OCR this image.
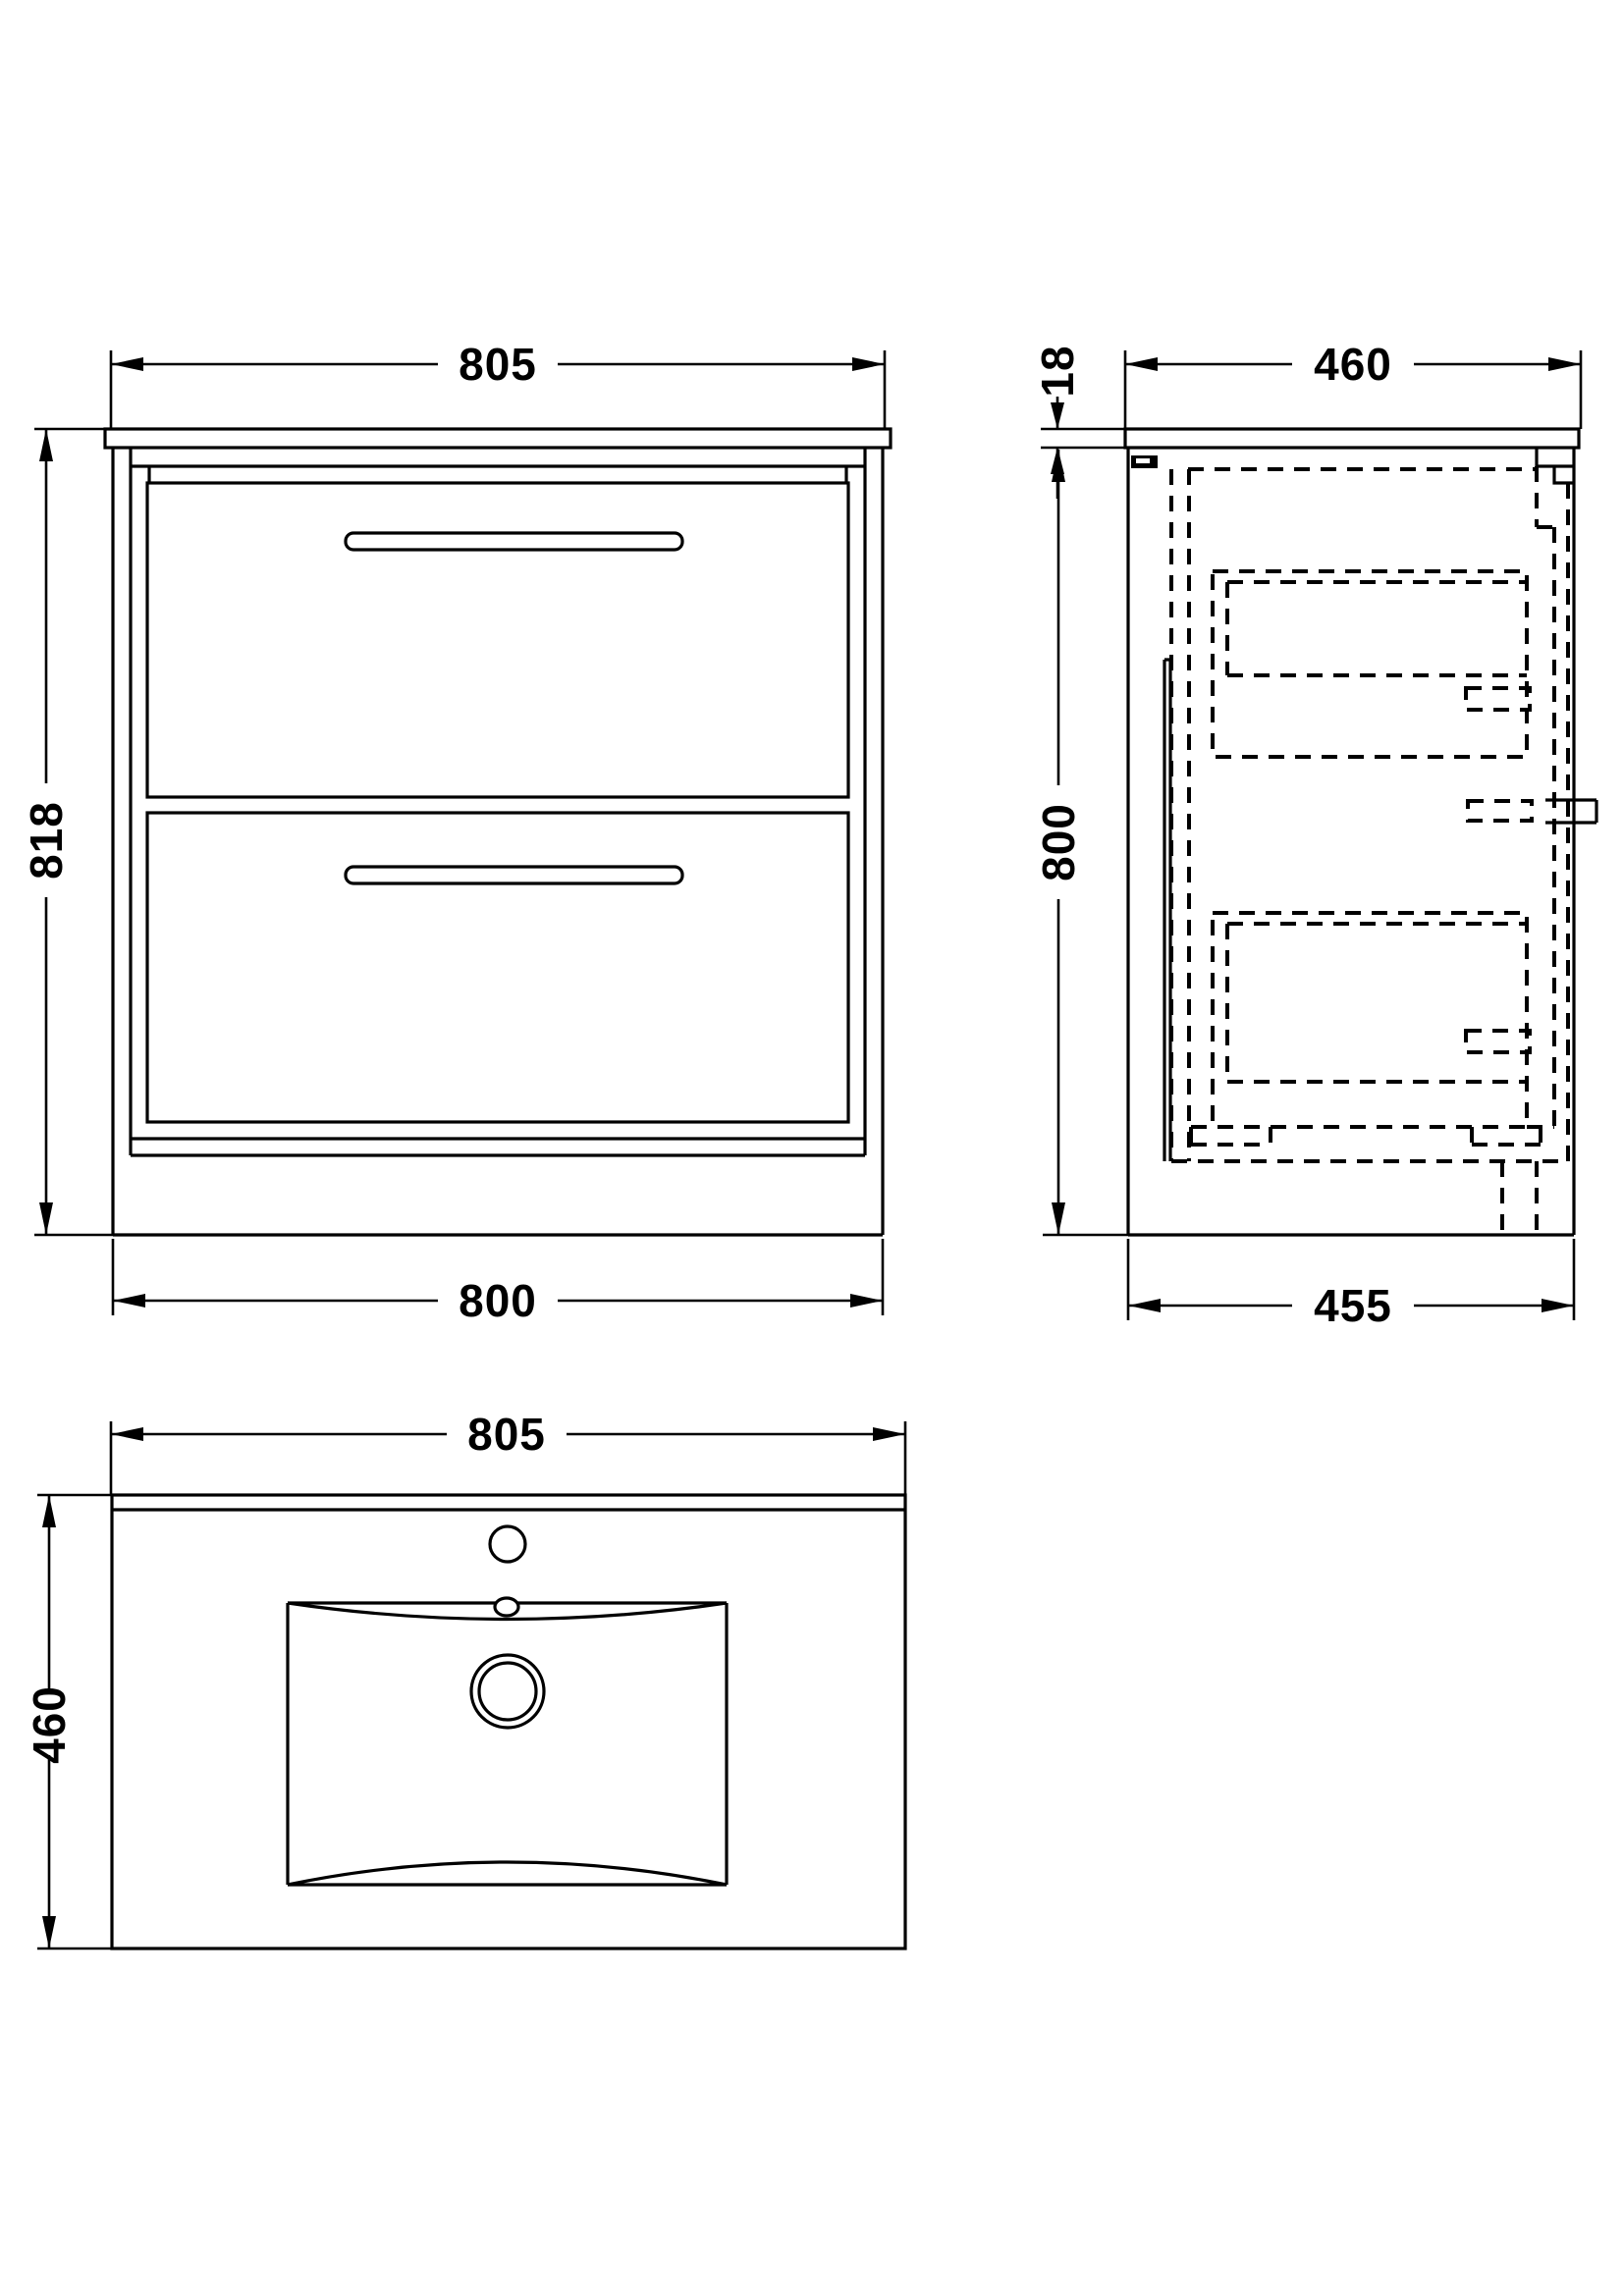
805
818
800
460
18
800
455
805
460
